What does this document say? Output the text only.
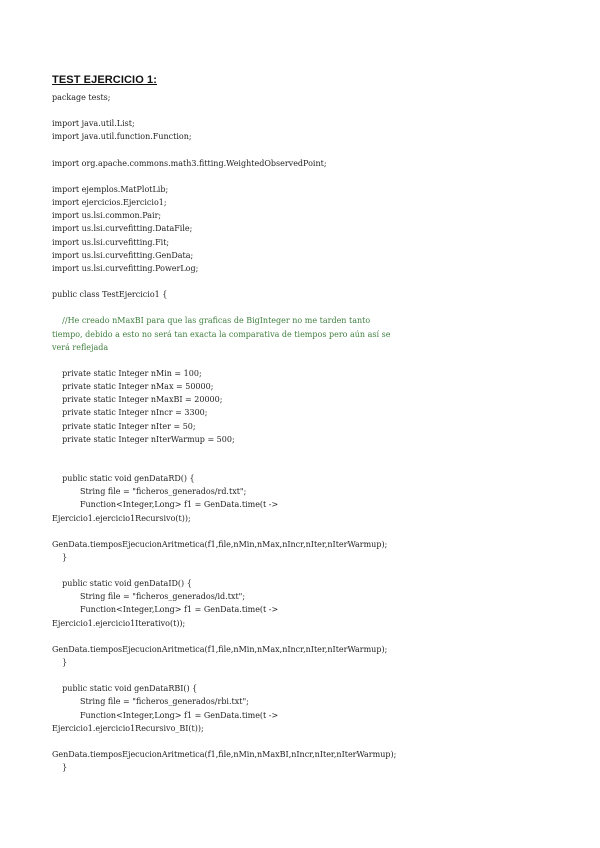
TEST EJERCICIO 1:
package tests;
import java.util.List;
import java.util.function.Function;
import org.apache.commons.math3.fitting.WeightedObservedPoint;
import ejemplos.MatPlotLib;
import ejercicios.Ejercicio1;
import us.lsi.common.Pair;
import us.lsi.curvefitting.DataFile;
import us.lsi.curvefitting.Fit;
import us.lsi.curvefitting.GenData;
import us.lsi.curvefitting.PowerLog;
public class TestEjercicio1 {
//He creado nMaxBI para que las graficas de BigInteger no me tarden tanto
tiempo, debido a esto no será tan exacta la comparativa de tiempos pero aún así se
verá reflejada
private static Integer nMin = 100;
private static Integer nMax = 50000;
private static Integer nMaxBI = 20000;
private static Integer nIncr = 3300;
private static Integer nIter = 50;
private static Integer nIterWarmup = 500;
public static void genDataRD() {
String file = "ficheros_generados/rd.txt";
Function<Integer,Long> f1 = GenData.time(t ->
Ejercicio1.ejercicio1Recursivo(t));
GenData.tiemposEjecucionAritmetica(f1,file,nMin,nMax,nIncr,nIter,nIterWarmup);
}
public static void genDataID() {
String file = "ficheros_generados/id.txt";
Function<Integer,Long> f1 = GenData.time(t ->
Ejercicio1.ejercicio1Iterativo(t));
GenData.tiemposEjecucionAritmetica(f1,file,nMin,nMax,nIncr,nIter,nIterWarmup);
}
public static void genDataRBI() {
String file = "ficheros_generados/rbi.txt";
Function<Integer,Long> f1 = GenData.time(t ->
Ejercicio1.ejercicio1Recursivo_BI(t));
GenData.tiemposEjecucionAritmetica(f1,file,nMin,nMaxBI,nIncr,nIter,nIterWarmup);
}
